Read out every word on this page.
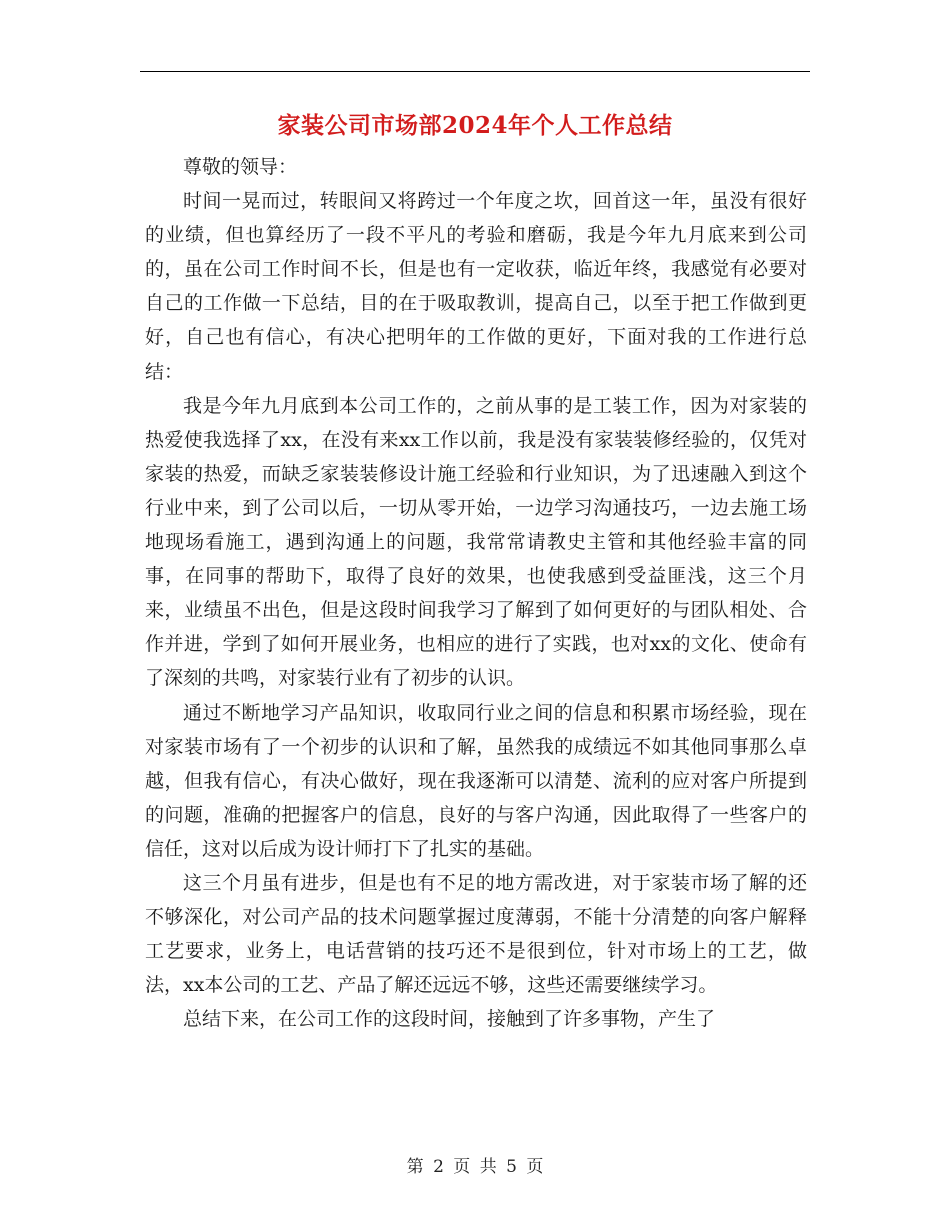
家装公司市场部2024年个人工作总结

尊敬的领导：

时间一晃而过，转眼间又将跨过一个年度之坎，回首这一年，虽没有很好的业绩，但也算经历了一段不平凡的考验和磨砺，我是今年九月底来到公司的，虽在公司工作时间不长，但是也有一定收获，临近年终，我感觉有必要对自己的工作做一下总结，目的在于吸取教训，提高自己，以至于把工作做到更好，自己也有信心，有决心把明年的工作做的更好，下面对我的工作进行总结：

我是今年九月底到本公司工作的，之前从事的是工装工作，因为对家装的热爱使我选择了xx，在没有来xx工作以前，我是没有家装装修经验的，仅凭对家装的热爱，而缺乏家装装修设计施工经验和行业知识，为了迅速融入到这个行业中来，到了公司以后，一切从零开始，一边学习沟通技巧，一边去施工场地现场看施工，遇到沟通上的问题，我常常请教史主管和其他经验丰富的同事，在同事的帮助下，取得了良好的效果，也使我感到受益匪浅，这三个月来，业绩虽不出色，但是这段时间我学习了解到了如何更好的与团队相处、合作并进，学到了如何开展业务，也相应的进行了实践，也对xx的文化、使命有了深刻的共鸣，对家装行业有了初步的认识。

通过不断地学习产品知识，收取同行业之间的信息和积累市场经验，现在对家装市场有了一个初步的认识和了解，虽然我的成绩远不如其他同事那么卓越，但我有信心，有决心做好，现在我逐渐可以清楚、流利的应对客户所提到的问题，准确的把握客户的信息，良好的与客户沟通，因此取得了一些客户的信任，这对以后成为设计师打下了扎实的基础。

这三个月虽有进步，但是也有不足的地方需改进，对于家装市场了解的还不够深化，对公司产品的技术问题掌握过度薄弱，不能十分清楚的向客户解释工艺要求，业务上，电话营销的技巧还不是很到位，针对市场上的工艺，做法，xx本公司的工艺、产品了解还远远不够，这些还需要继续学习。

总结下来，在公司工作的这段时间，接触到了许多事物，产生了

第 2 页 共 5 页
